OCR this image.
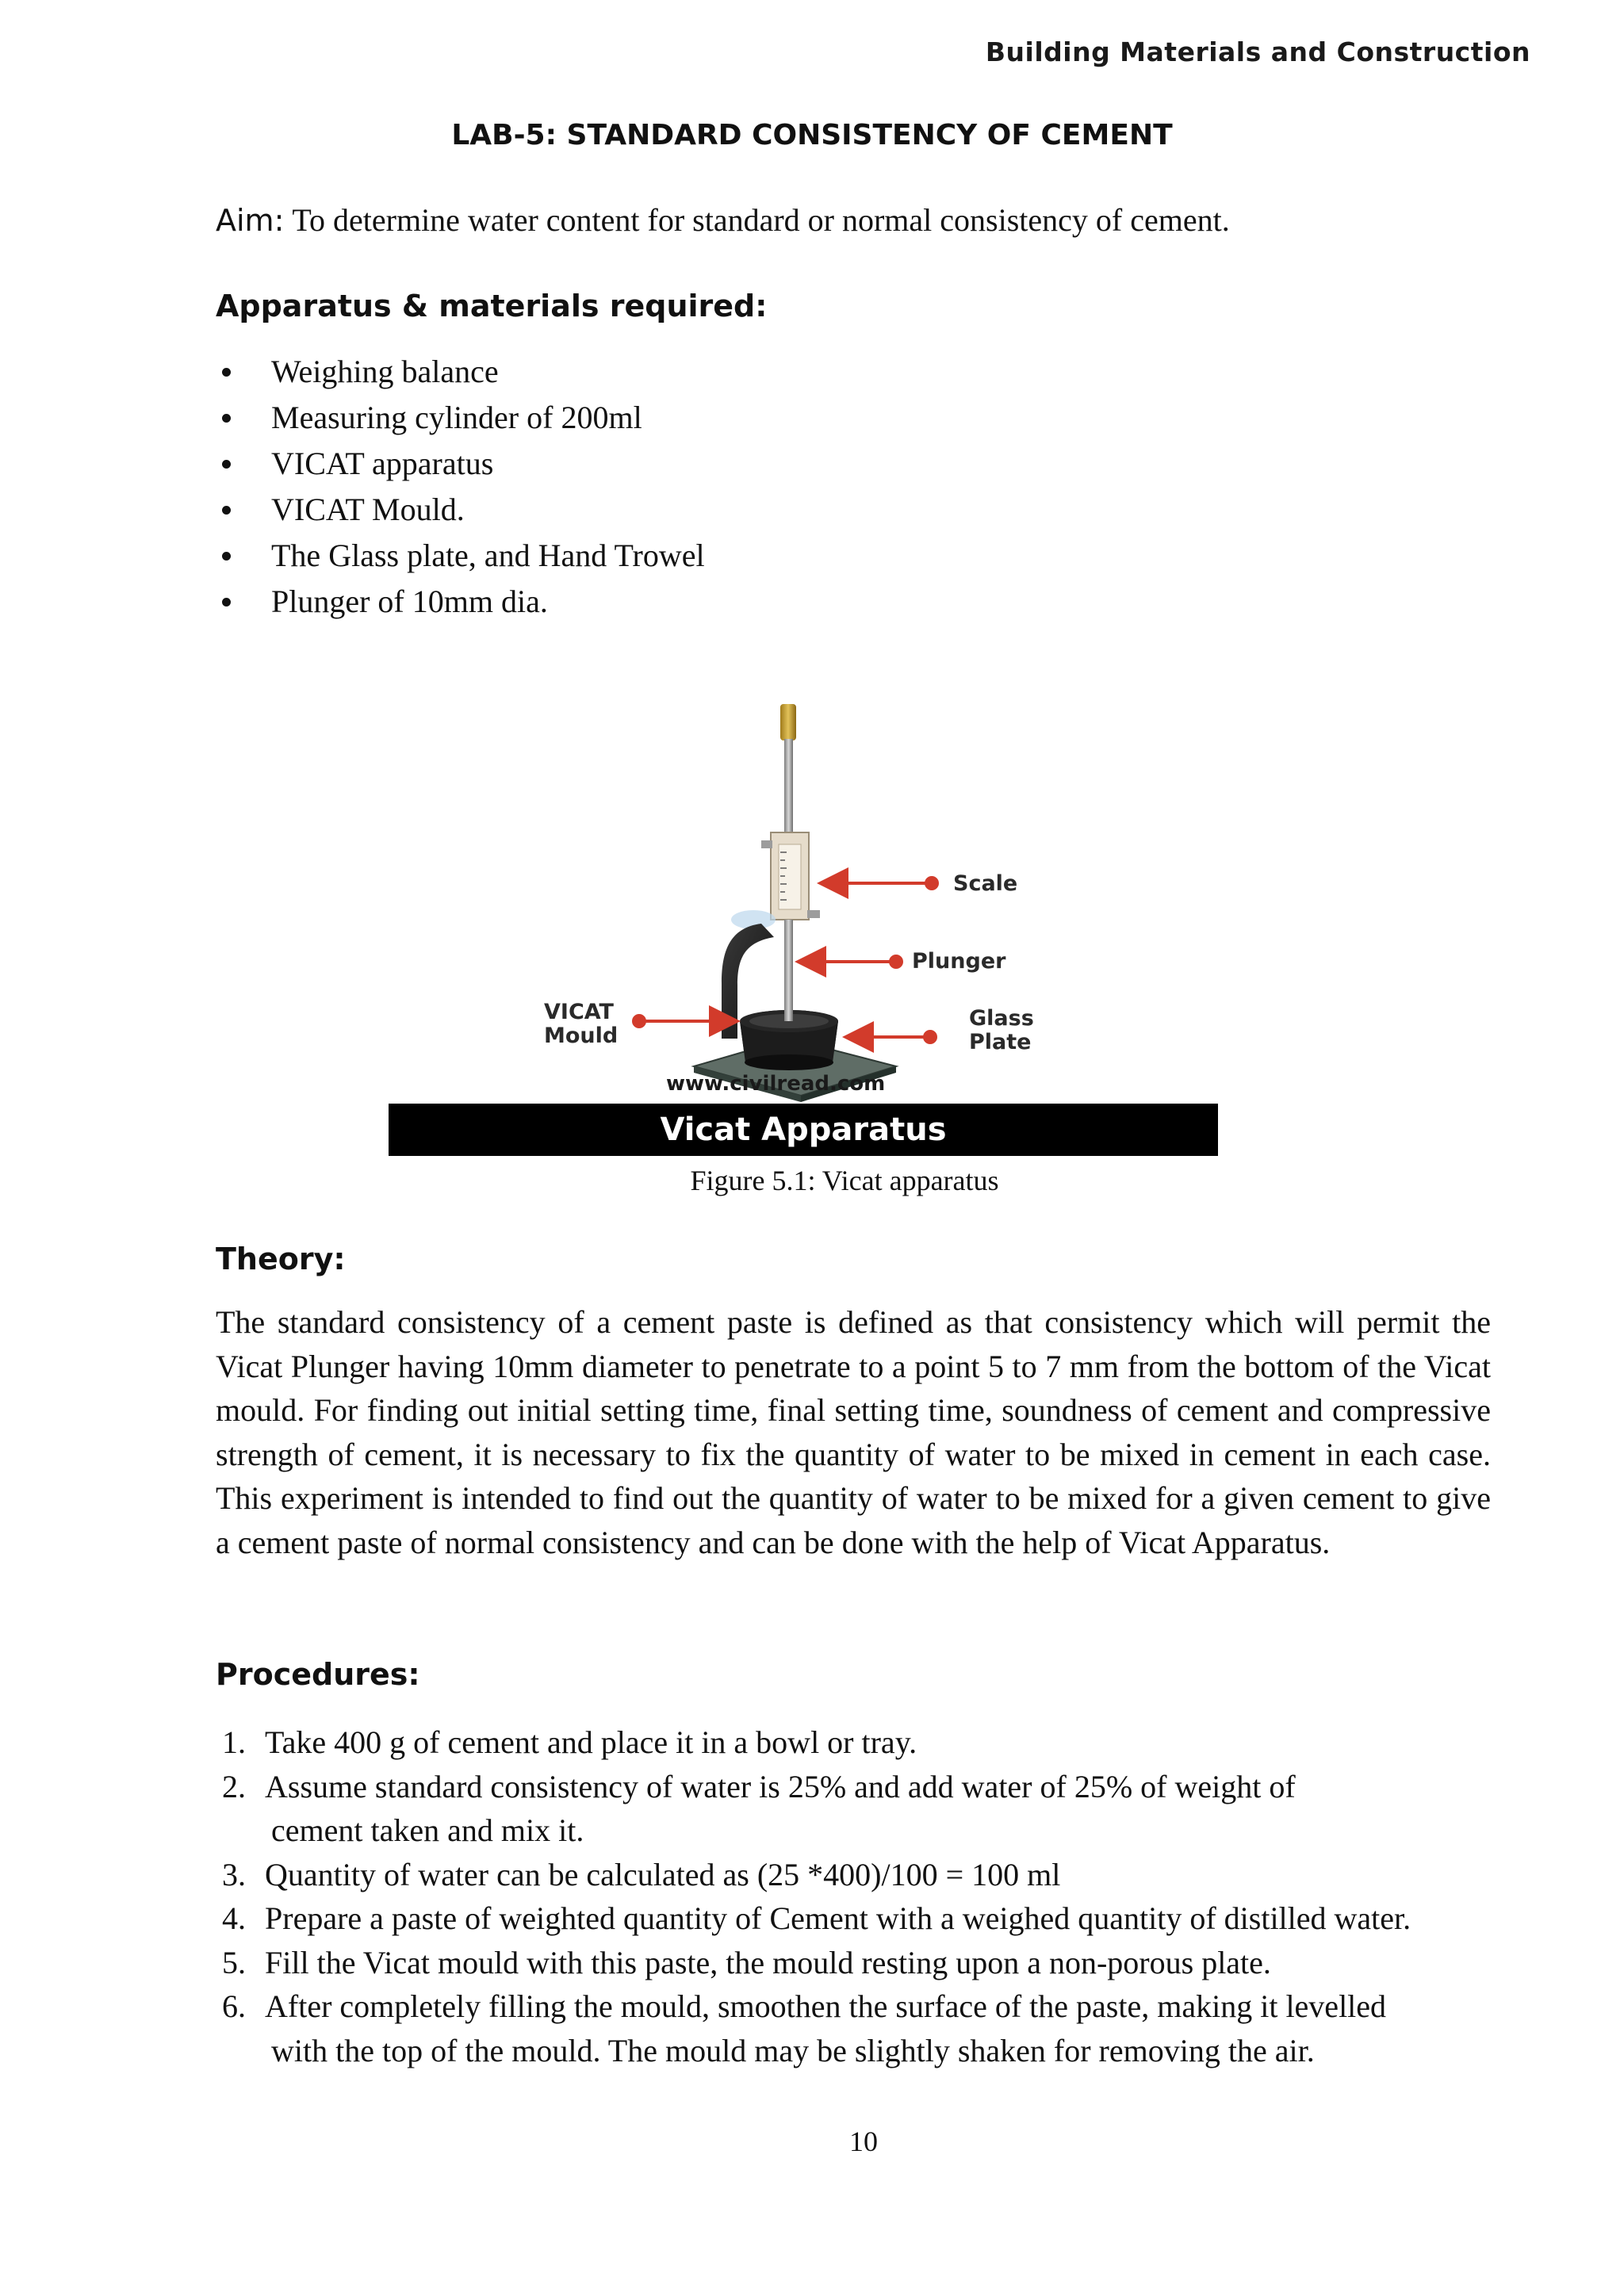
Building Materials and Construction
LAB-5: STANDARD CONSISTENCY OF CEMENT
Aim: To determine water content for standard or normal consistency of cement.
Apparatus & materials required:
Weighing balance
Measuring cylinder of 200ml
VICAT apparatus
VICAT Mould.
The Glass plate, and Hand Trowel
Plunger of 10mm dia.
Scale
Plunger
VICAT Mould
Glass Plate
www.civilread.com
Vicat Apparatus
Figure 5.1: Vicat apparatus
Theory:
The standard consistency of a cement paste is defined as that consistency which will permit the Vicat Plunger having 10mm diameter to penetrate to a point 5 to 7 mm from the bottom of the Vicat mould. For finding out initial setting time, final setting time, soundness of cement and compressive strength of cement, it is necessary to fix the quantity of water to be mixed in cement in each case. This experiment is intended to find out the quantity of water to be mixed for a given cement to give a cement paste of normal consistency and can be done with the help of Vicat Apparatus.
Procedures:
1. Take 400 g of cement and place it in a bowl or tray.
2. Assume standard consistency of water is 25% and add water of 25% of weight of
cement taken and mix it.
3. Quantity of water can be calculated as (25 *400)/100 = 100 ml
4. Prepare a paste of weighted quantity of Cement with a weighed quantity of distilled water.
5. Fill the Vicat mould with this paste, the mould resting upon a non-porous plate.
6. After completely filling the mould, smoothen the surface of the paste, making it levelled
with the top of the mould. The mould may be slightly shaken for removing the air.
10
